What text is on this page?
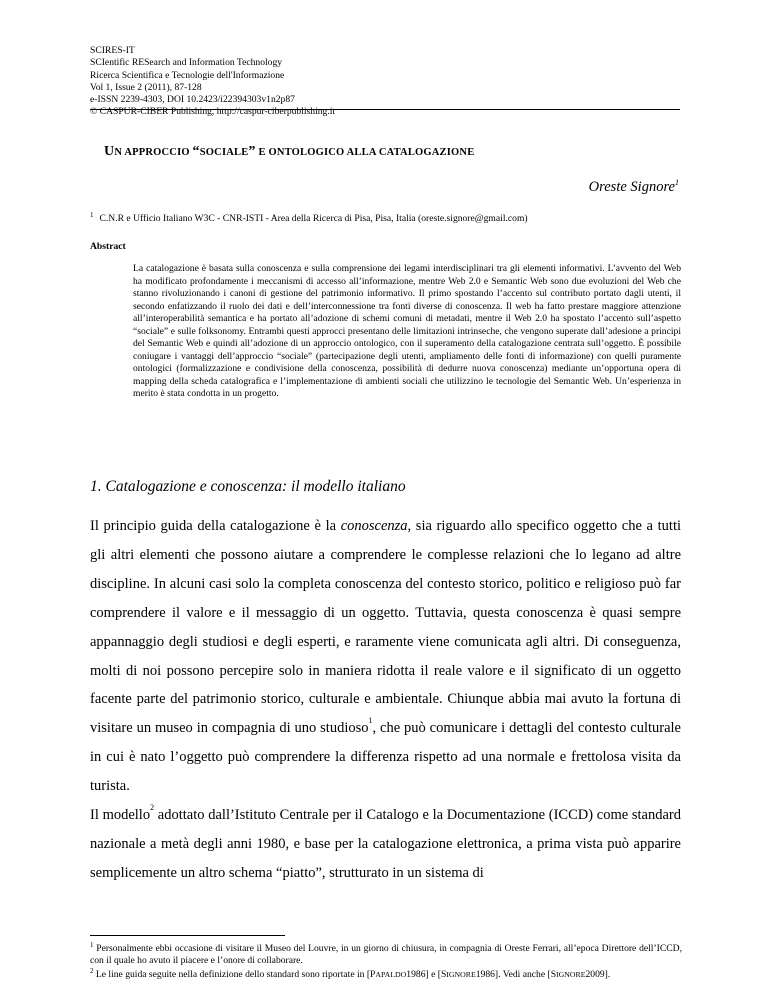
SCIRES-IT
SCIentific RESearch and Information Technology
Ricerca Scientifica e Tecnologie dell'Informazione
Vol 1, Issue 2 (2011), 87-128
e-ISSN 2239-4303, DOI 10.2423/i22394303v1n2p87
© CASPUR-CIBER Publishing, http://caspur-ciberpublishing.it
UN APPROCCIO “SOCIALE” E ONTOLOGICO ALLA CATALOGAZIONE
Oreste Signore$^1$
$^1$ C.N.R e Ufficio Italiano W3C - CNR-ISTI - Area della Ricerca di Pisa, Pisa, Italia (oreste.signore@gmail.com)
Abstract
La catalogazione è basata sulla conoscenza e sulla comprensione dei legami interdisciplinari tra gli elementi informativi. L’avvento del Web ha modificato profondamente i meccanismi di accesso all’informazione, mentre Web 2.0 e Semantic Web sono due evoluzioni del Web che stanno rivoluzionando i canoni di gestione del patrimonio informativo. Il primo spostando l’accento sul contributo portato dagli utenti, il secondo enfatizzando il ruolo dei dati e dell’interconnessione tra fonti diverse di conoscenza. Il web ha fatto prestare maggiore attenzione all’interoperabilità semantica e ha portato all’adozione di schemi comuni di metadati, mentre il Web 2.0 ha spostato l’accento sull’aspetto “sociale” e sulle folksonomy. Entrambi questi approcci presentano delle limitazioni intrinseche, che vengono superate dall’adesione a principi del Semantic Web e quindi all’adozione di un approccio ontologico, con il superamento della catalogazione centrata sull’oggetto. È possibile coniugare i vantaggi dell’approccio “sociale” (partecipazione degli utenti, ampliamento delle fonti di informazione) con quelli puramente ontologici (formalizzazione e condivisione della conoscenza, possibilità di dedurre nuova conoscenza) mediante un’opportuna opera di mapping della scheda catalografica e l’implementazione di ambienti sociali che utilizzino le tecnologie del Semantic Web. Un’esperienza in merito è stata condotta in un progetto.
1. Catalogazione e conoscenza: il modello italiano

Il principio guida della catalogazione è la conoscenza, sia riguardo allo specifico oggetto che a tutti gli altri elementi che possono aiutare a comprendere le complesse relazioni che lo legano ad altre discipline. In alcuni casi solo la completa conoscenza del contesto storico, politico e religioso può far comprendere il valore e il messaggio di un oggetto. Tuttavia, questa conoscenza è quasi sempre appannaggio degli studiosi e degli esperti, e raramente viene comunicata agli altri. Di conseguenza, molti di noi possono percepire solo in maniera ridotta il reale valore e il significato di un oggetto facente parte del patrimonio storico, culturale e ambientale. Chiunque abbia mai avuto la fortuna di visitare un museo in compagnia di uno studioso$^1$, che può comunicare i dettagli del contesto culturale in cui è nato l’oggetto può comprendere la differenza rispetto ad una normale e frettolosa visita da turista.

Il modello$^2$ adottato dall’Istituto Centrale per il Catalogo e la Documentazione (ICCD) come standard nazionale a metà degli anni 1980, e base per la catalogazione elettronica, a prima vista può apparire semplicemente un altro schema “piatto”, strutturato in un sistema di

$^1$ Personalmente ebbi occasione di visitare il Museo del Louvre, in un giorno di chiusura, in compagnia di Oreste Ferrari, all’epoca Direttore dell’ICCD, con il quale ho avuto il piacere e l’onore di collaborare.

$^2$ Le line guida seguite nella definizione dello standard sono riportate in [PAPALDO1986] e [SIGNORE1986]. Vedi anche [SIGNORE2009].
